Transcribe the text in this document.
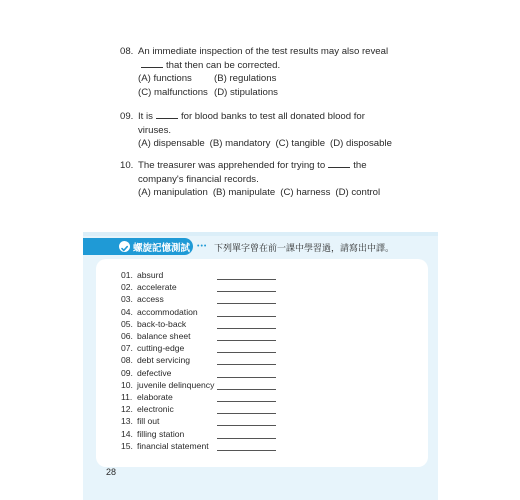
08. An immediate inspection of the test results may also reveal
that then can be corrected.
(A) functions (B) regulations
(C) malfunctions (D) stipulations
09. It is	for blood banks to test all donated blood for
viruses.
(A) dispensable (B) mandatory (C) tangible (D) disposable
10. The treasurer was apprehended for trying to	the
company's financial records.
(A) manipulation (B) manipulate (C) harness (D) control
螺旋記憶測試 ••• 下列單字曾在前一課中學習過，請寫出中譯。
01. absurd
02. accelerate
03. access
04. accommodation
05. back-to-back
06. balance sheet
07. cutting-edge
08. debt servicing
09. defective
10. juvenile delinquency
11. elaborate
12. electronic
13. fill out
14. filling station
15. financial statement
28
